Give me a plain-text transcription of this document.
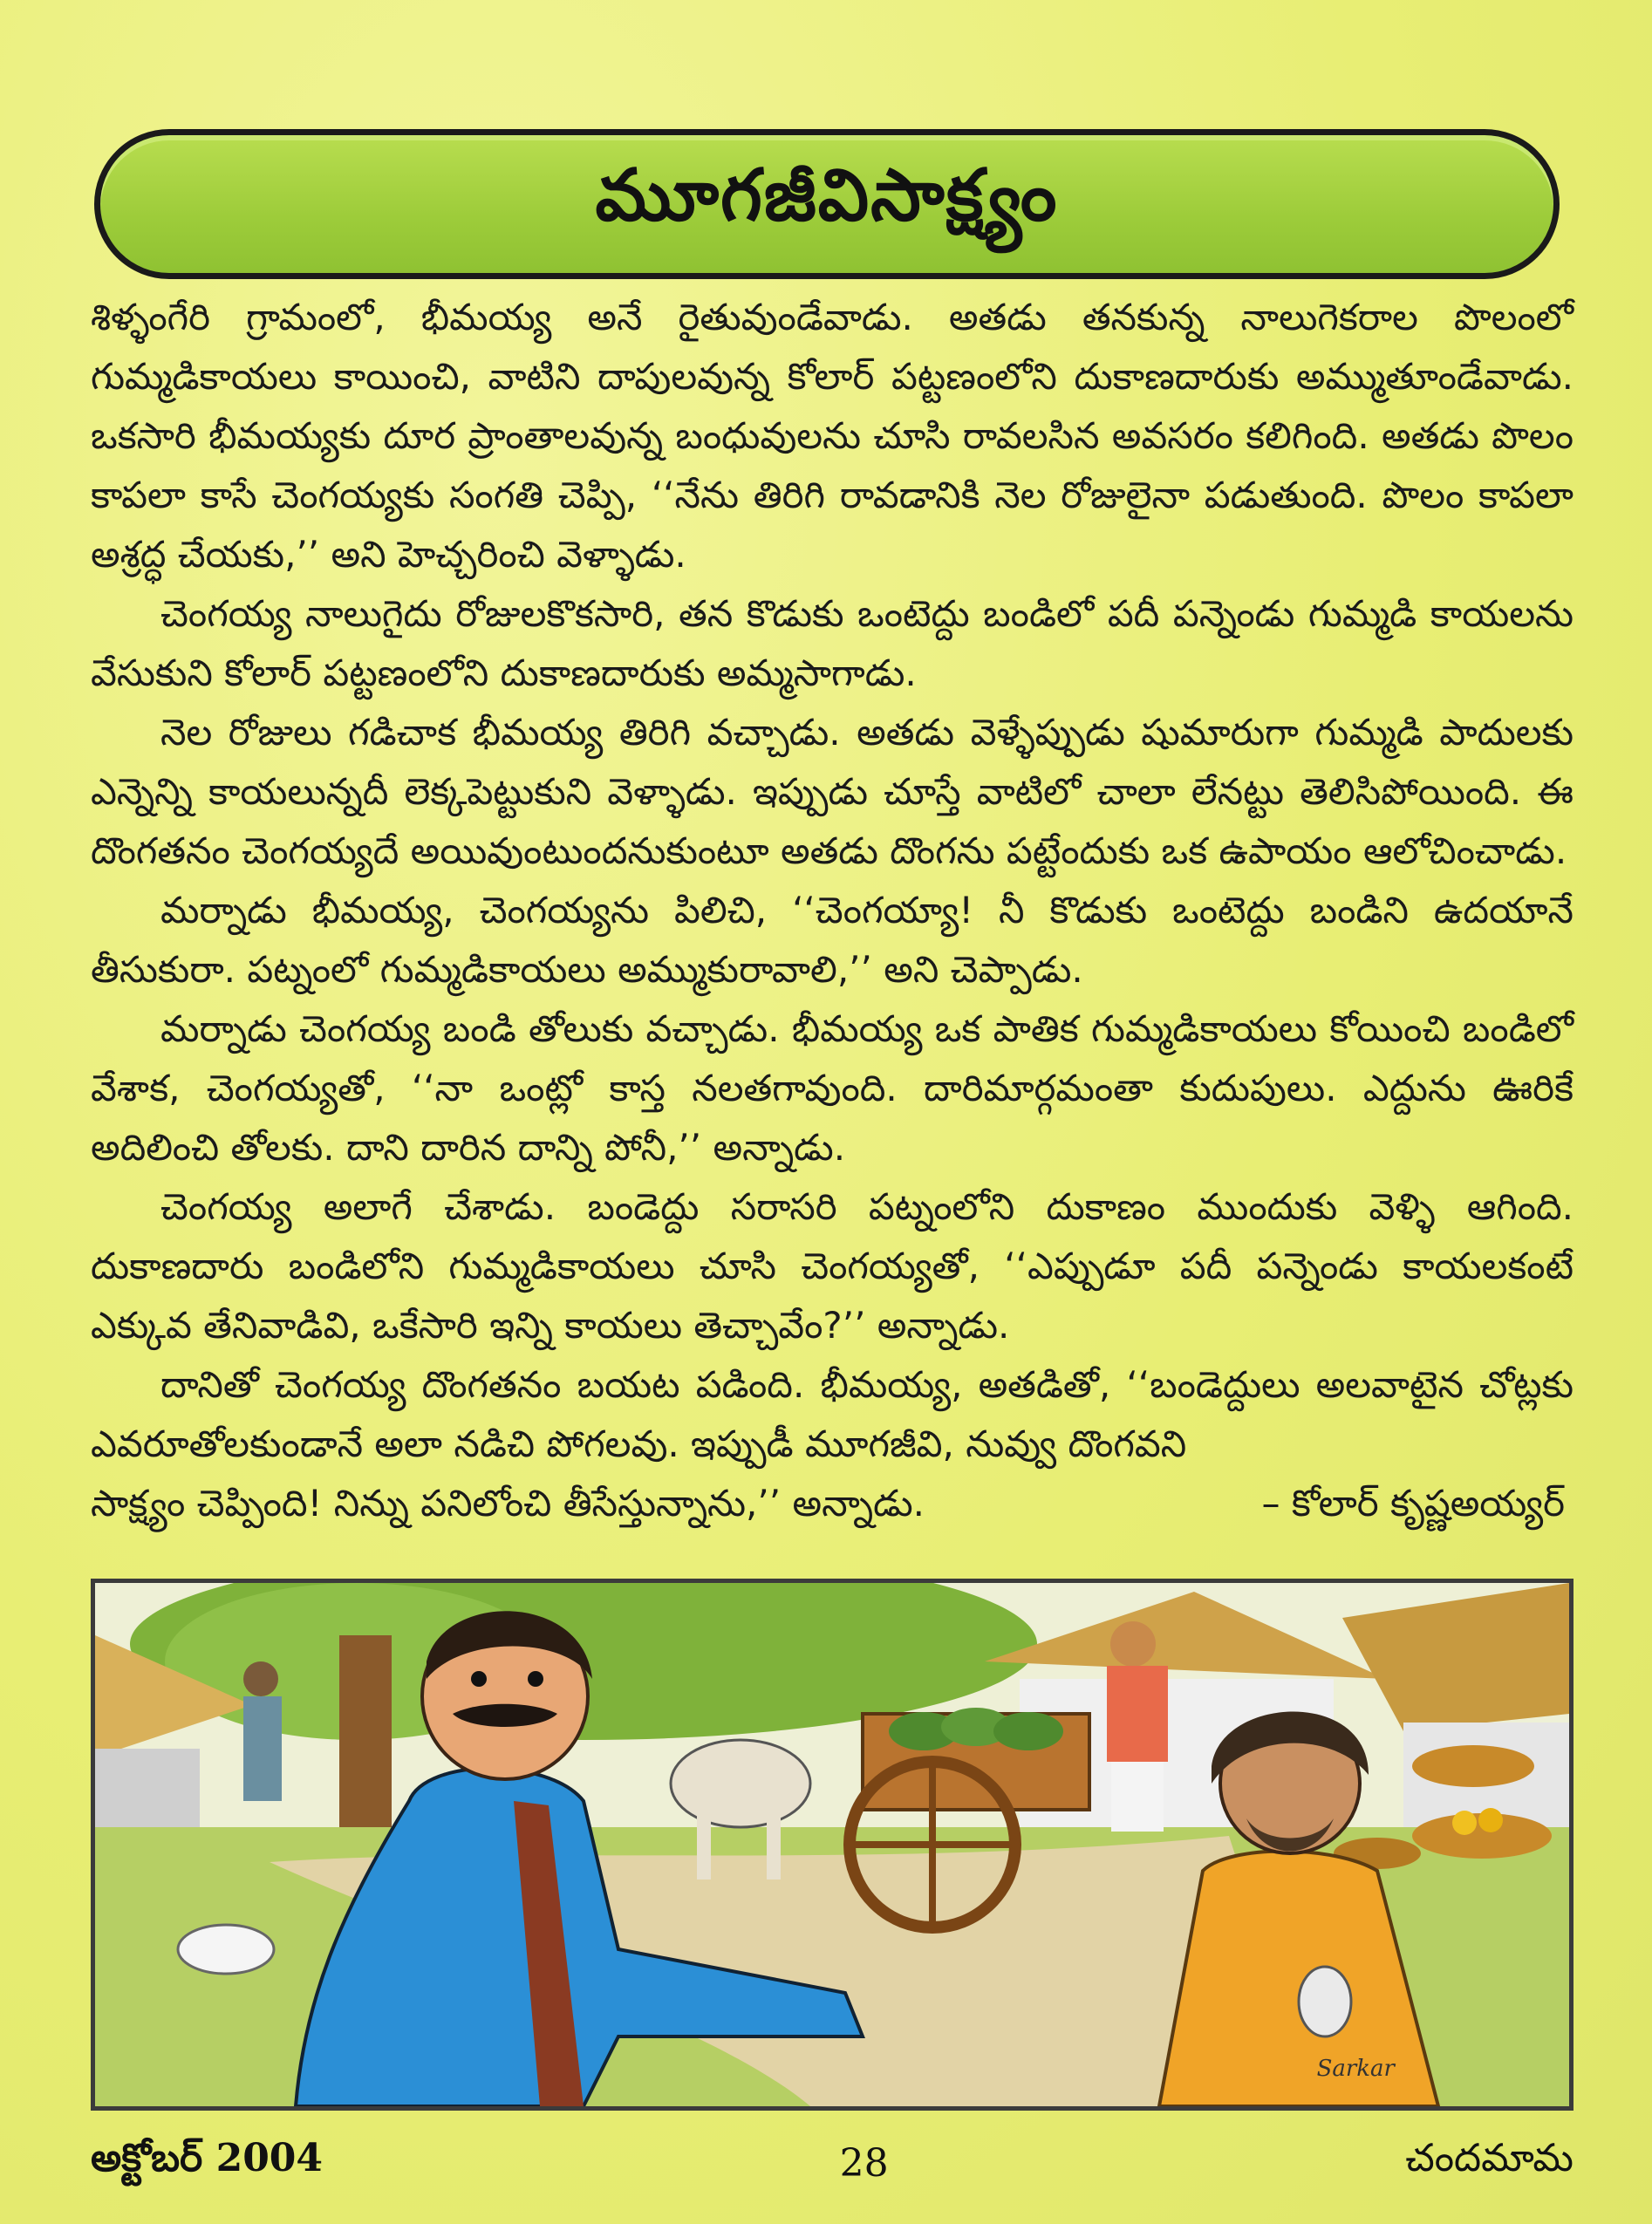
మూగజీవిసాక్ష్యం

శిళ్ళంగేరి గ్రామంలో, భీమయ్య అనే రైతువుండేవాడు. అతడు తనకున్న నాలుగెకరాల పొలంలో గుమ్మడికాయలు కాయించి, వాటిని దాపులవున్న కోలార్ పట్టణంలోని దుకాణదారుకు అమ్ముతూండేవాడు. ఒకసారి భీమయ్యకు దూర ప్రాంతాలవున్న బంధువులను చూసి రావలసిన అవసరం కలిగింది. అతడు పొలం కాపలా కాసే చెంగయ్యకు సంగతి చెప్పి, ‘‘నేను తిరిగి రావడానికి నెల రోజులైనా పడుతుంది. పొలం కాపలా అశ్రద్ధ చేయకు,’’ అని హెచ్చరించి వెళ్ళాడు.

చెంగయ్య నాలుగైదు రోజులకొకసారి, తన కొడుకు ఒంటెద్దు బండిలో పదీ పన్నెండు గుమ్మడి కాయలను వేసుకుని కోలార్ పట్టణంలోని దుకాణదారుకు అమ్మసాగాడు.

నెల రోజులు గడిచాక భీమయ్య తిరిగి వచ్చాడు. అతడు వెళ్ళేప్పుడు షుమారుగా గుమ్మడి పాదులకు ఎన్నెన్ని కాయలున్నదీ లెక్కపెట్టుకుని వెళ్ళాడు. ఇప్పుడు చూస్తే వాటిలో చాలా లేనట్టు తెలిసిపోయింది. ఈ దొంగతనం చెంగయ్యదే అయివుంటుందనుకుంటూ అతడు దొంగను పట్టేందుకు ఒక ఉపాయం ఆలోచించాడు.

మర్నాడు భీమయ్య, చెంగయ్యను పిలిచి, ‘‘చెంగయ్యా! నీ కొడుకు ఒంటెద్దు బండిని ఉదయానే తీసుకురా. పట్నంలో గుమ్మడికాయలు అమ్ముకురావాలి,’’ అని చెప్పాడు.

మర్నాడు చెంగయ్య బండి తోలుకు వచ్చాడు. భీమయ్య ఒక పాతిక గుమ్మడికాయలు కోయించి బండిలో వేశాక, చెంగయ్యతో, ‘‘నా ఒంట్లో కాస్త నలతగావుంది. దారిమార్గమంతా కుదుపులు. ఎద్దును ఊరికే అదిలించి తోలకు. దాని దారిన దాన్ని పోనీ,’’ అన్నాడు.

చెంగయ్య అలాగే చేశాడు. బండెద్దు సరాసరి పట్నంలోని దుకాణం ముందుకు వెళ్ళి ఆగింది. దుకాణదారు బండిలోని గుమ్మడికాయలు చూసి చెంగయ్యతో, ‘‘ఎప్పుడూ పదీ పన్నెండు కాయలకంటే ఎక్కువ తేనివాడివి, ఒకేసారి ఇన్ని కాయలు తెచ్చావేం?’’ అన్నాడు.

దానితో చెంగయ్య దొంగతనం బయట పడింది. భీమయ్య, అతడితో, ‘‘బండెద్దులు అలవాటైన చోట్లకు ఎవరూతోలకుండానే అలా నడిచి పోగలవు. ఇప్పుడీ మూగజీవి, నువ్వు దొంగవని

సాక్ష్యం చెప్పింది! నిన్ను పనిలోంచి తీసేస్తున్నాను,’’ అన్నాడు.	– కోలార్ కృష్ణఅయ్యర్
Sarkar
అక్టోబర్ 2004	28	చందమామ
